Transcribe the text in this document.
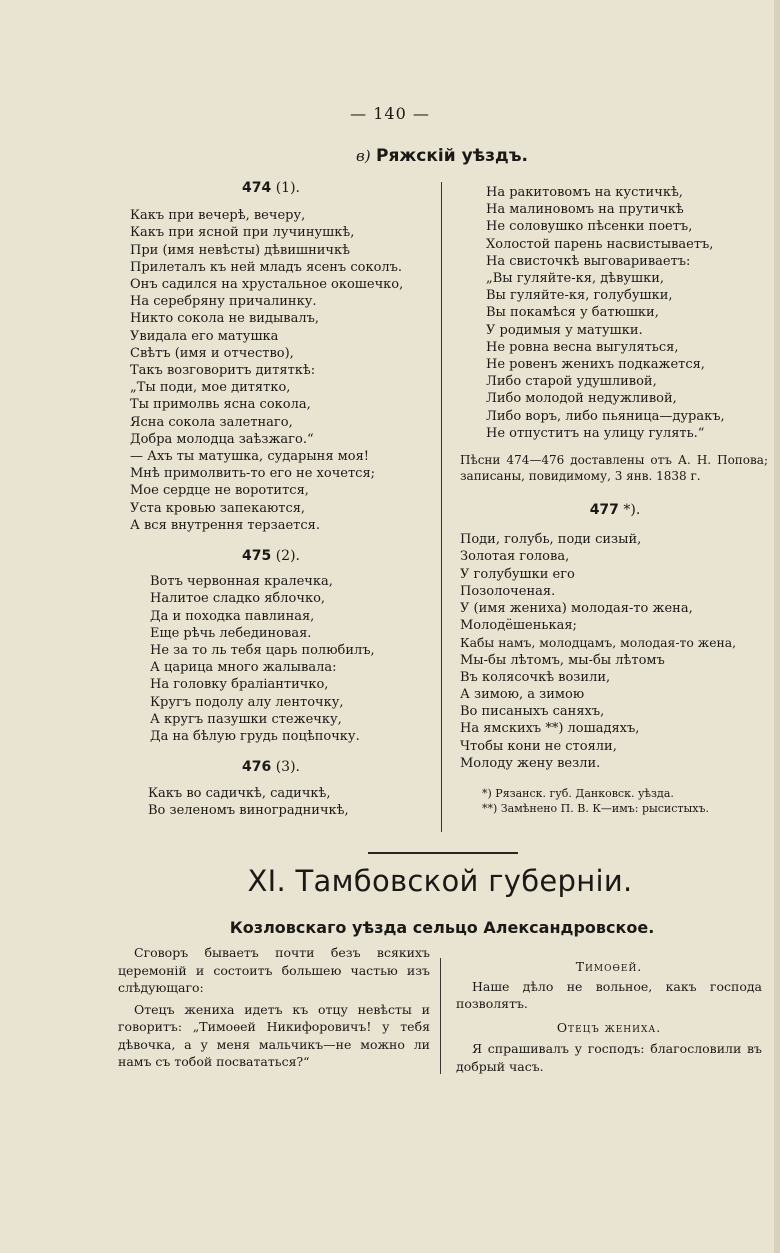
— 140 —
в) Ряжскій уѣздъ.
474 (1).
Какъ при вечерѣ, вечеру,
Какъ при ясной при лучинушкѣ,
При (имя невѣсты) дѣвишничкѣ
Прилеталъ къ ней младъ ясенъ соколъ.
Онъ садился на хрустальное окошечко,
На серебряну причалинку.
Никто сокола не видывалъ,
Увидала его матушка
Свѣтъ (имя и отчество),
Такъ возговоритъ дитяткѣ:
„Ты поди, мое дитятко,
Ты примолвь ясна сокола,
Ясна сокола залетнаго,
Добра молодца заѣзжаго.“
— Ахъ ты матушка, сударыня моя!
Мнѣ примолвить-то его не хочется;
Мое сердце не воротится,
Уста кровью запекаются,
А вся внутрення терзается.
475 (2).
Вотъ червонная кралечка,
Налитое сладко яблочко,
Да и походка павлиная,
Еще рѣчь лебединовая.
Не за то ль тебя царь полюбилъ,
А царица много жалывала:
На головку браліантичко,
Кругъ подолу алу ленточку,
А кругъ пазушки стежечку,
Да на бѣлую грудь поцѣпочку.
476 (3).
Какъ во садичкѣ, садичкѣ,
Во зеленомъ виноградничкѣ,
На ракитовомъ на кустичкѣ,
На малиновомъ на прутичкѣ
Не соловушко пѣсенки поетъ,
Холостой парень насвистываетъ,
На свисточкѣ выговариваетъ:
„Вы гуляйте-кя, дѣвушки,
Вы гуляйте-кя, голубушки,
Вы покамѣся у батюшки,
У родимыя у матушки.
Не ровна весна выгуляться,
Не ровенъ женихъ подкажется,
Либо старой удушливой,
Либо молодой недужливой,
Либо воръ, либо пьяница—дуракъ,
Не отпуститъ на улицу гулять.“
Пѣсни 474—476 доставлены отъ А. Н. Попова; записаны, повидимому, 3 янв. 1838 г.
477 *).
Поди, голубь, поди сизый,
Золотая голова,
У голубушки его
Позолоченая.
У (имя жениха) молодая-то жена,
Молодёшенькая;
Кабы намъ, молодцамъ, молодая-то жена,
Мы-бы лѣтомъ, мы-бы лѣтомъ
Въ колясочкѣ возили,
А зимою, а зимою
Во писаныхъ саняхъ,
На ямскихъ **) лошадяхъ,
Чтобы кони не стояли,
Молоду жену везли.
*) Рязанск. губ. Данковск. уѣзда.
**) Замѣнено П. В. К—имъ: рысистыхъ.
XI. Тамбовской губерніи.
Козловскаго уѣзда сельцо Александровское.

Сговоръ бываетъ почти безъ всякихъ церемоній и состоитъ большею частью изъ слѣдующаго:

Отецъ жениха идетъ къ отцу невѣсты и говоритъ: „Тимоѳей Никифоровичъ! у тебя дѣвочка, а у меня мальчикъ—не можно ли намъ съ тобой посвататься?“

Тимоѳей.

Наше дѣло не вольное, какъ господа позволятъ.

Отецъ жениха.

Я спрашивалъ у господъ: благословили въ добрый часъ.
